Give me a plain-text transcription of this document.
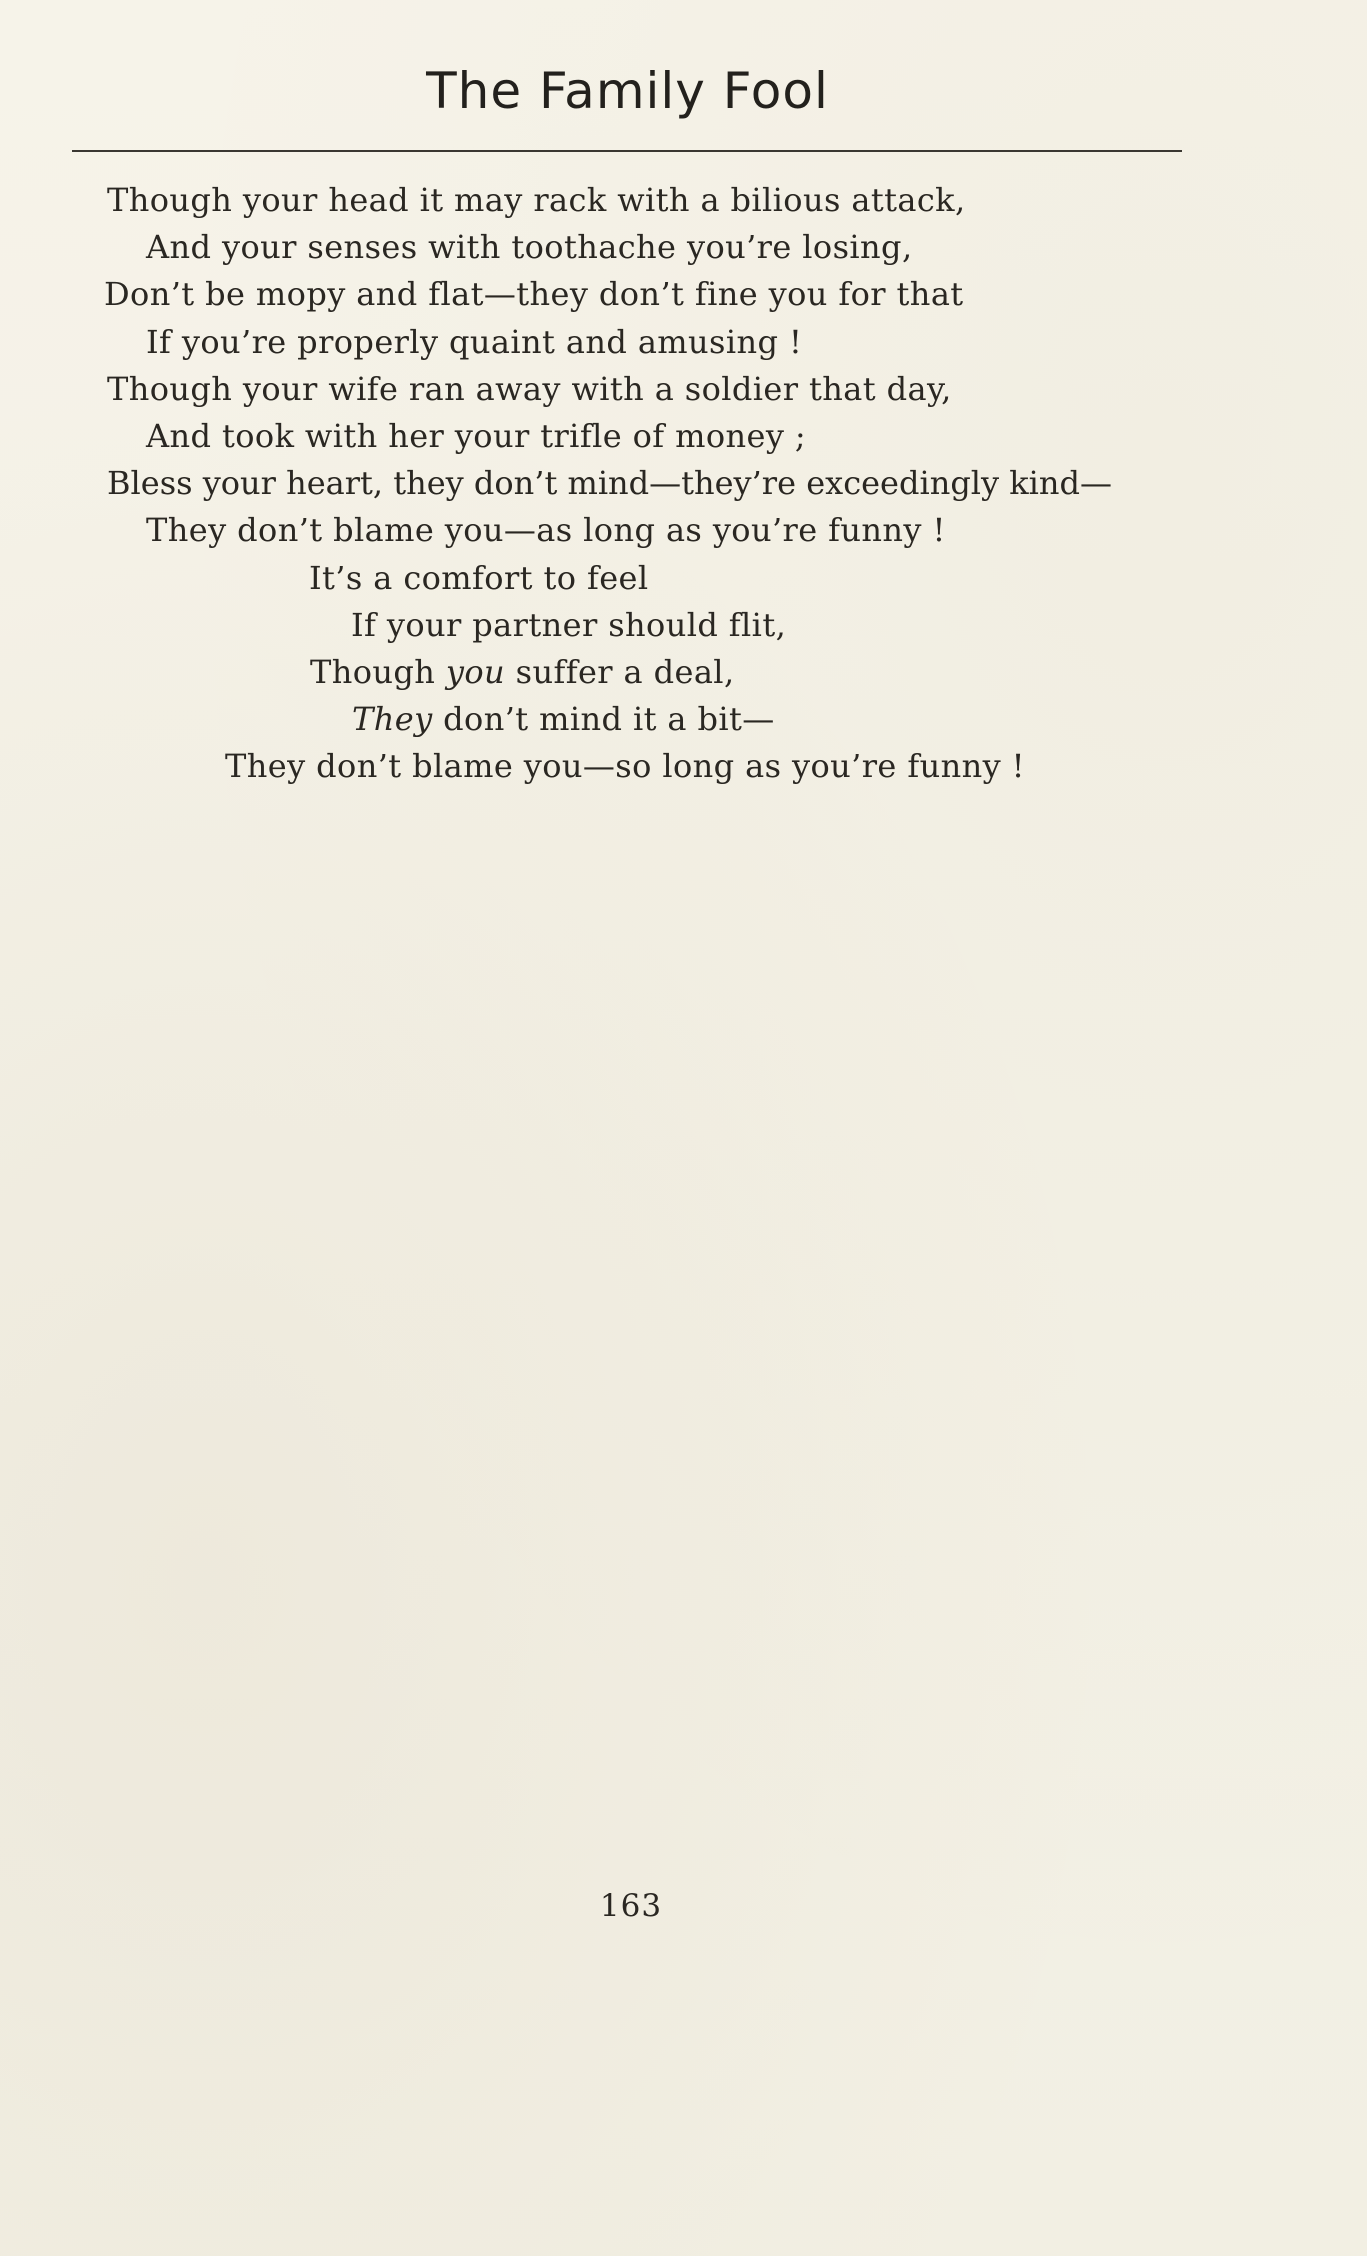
The Family Fool
Though your head it may rack with a bilious attack,
And your senses with toothache you’re losing,
Don’t be mopy and flat—they don’t fine you for that
If you’re properly quaint and amusing !
Though your wife ran away with a soldier that day,
And took with her your trifle of money ;
Bless your heart, they don’t mind—they’re exceedingly kind—
They don’t blame you—as long as you’re funny !
It’s a comfort to feel
If your partner should flit,
Though you suffer a deal,
They don’t mind it a bit—
They don’t blame you—so long as you’re funny !
163
